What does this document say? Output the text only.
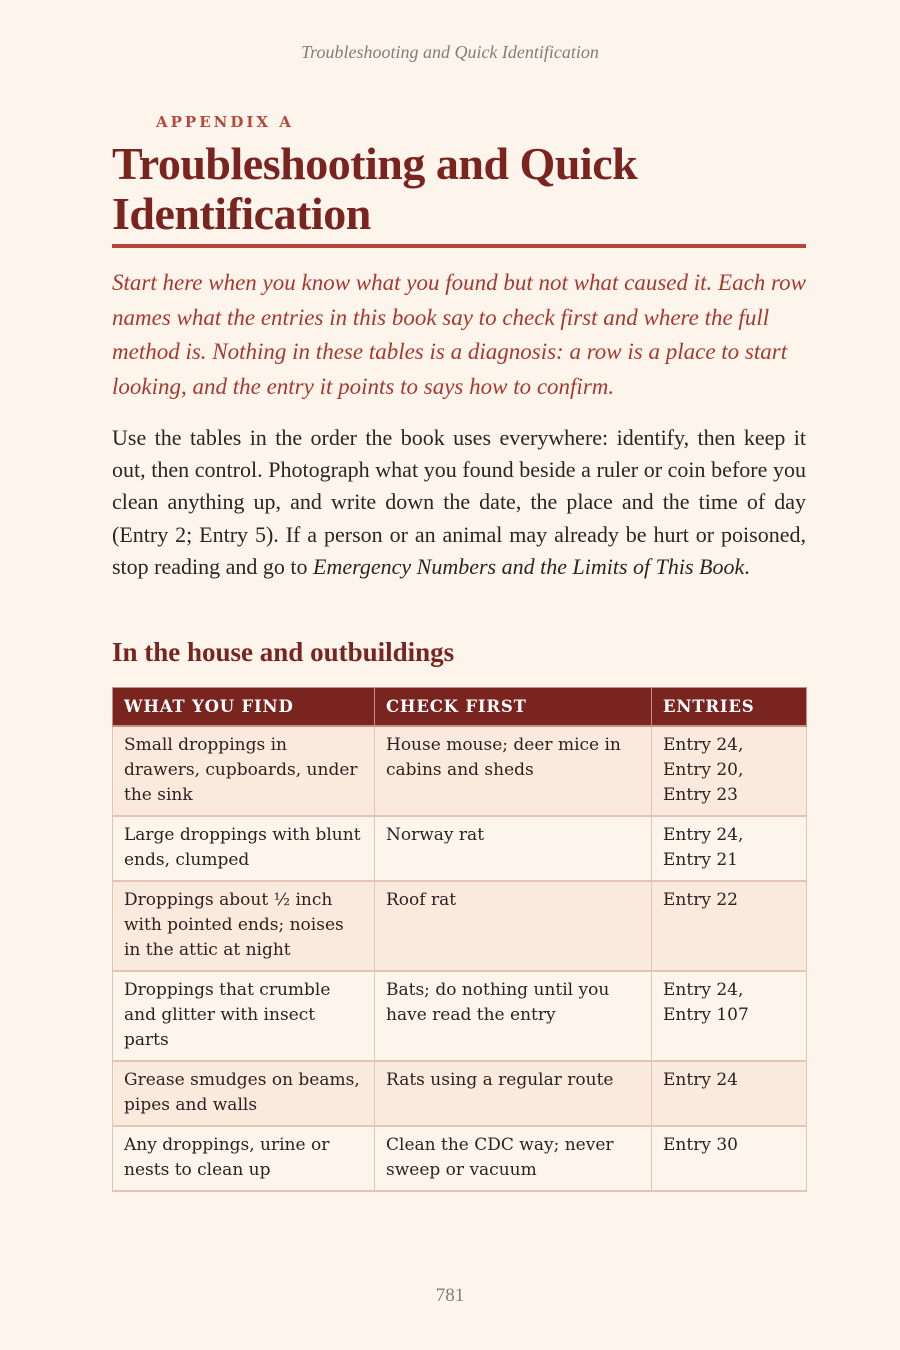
Troubleshooting and Quick Identification
APPENDIX A
Troubleshooting and Quick Identification

Start here when you know what you found but not what caused it. Each row names what the entries in this book say to check first and where the full method is. Nothing in these tables is a diagnosis: a row is a place to start looking, and the entry it points to says how to confirm.

Use the tables in the order the book uses everywhere: identify, then keep it out, then control. Photograph what you found beside a ruler or coin before you clean anything up, and write down the date, the place and the time of day (Entry 2; Entry 5). If a person or an animal may already be hurt or poisoned, stop reading and go to Emergency Numbers and the Limits of This Book.

In the house and outbuildings
WHAT YOU FIND	CHECK FIRST	ENTRIES
Small droppings in drawers, cupboards, under the sink	House mouse; deer mice in cabins and sheds	Entry 24, Entry 20, Entry 23
Large droppings with blunt ends, clumped	Norway rat	Entry 24, Entry 21
Droppings about ½ inch with pointed ends; noises in the attic at night	Roof rat	Entry 22
Droppings that crumble and glitter with insect parts	Bats; do nothing until you have read the entry	Entry 24, Entry 107
Grease smudges on beams, pipes and walls	Rats using a regular route	Entry 24
Any droppings, urine or nests to clean up	Clean the CDC way; never sweep or vacuum	Entry 30
781
